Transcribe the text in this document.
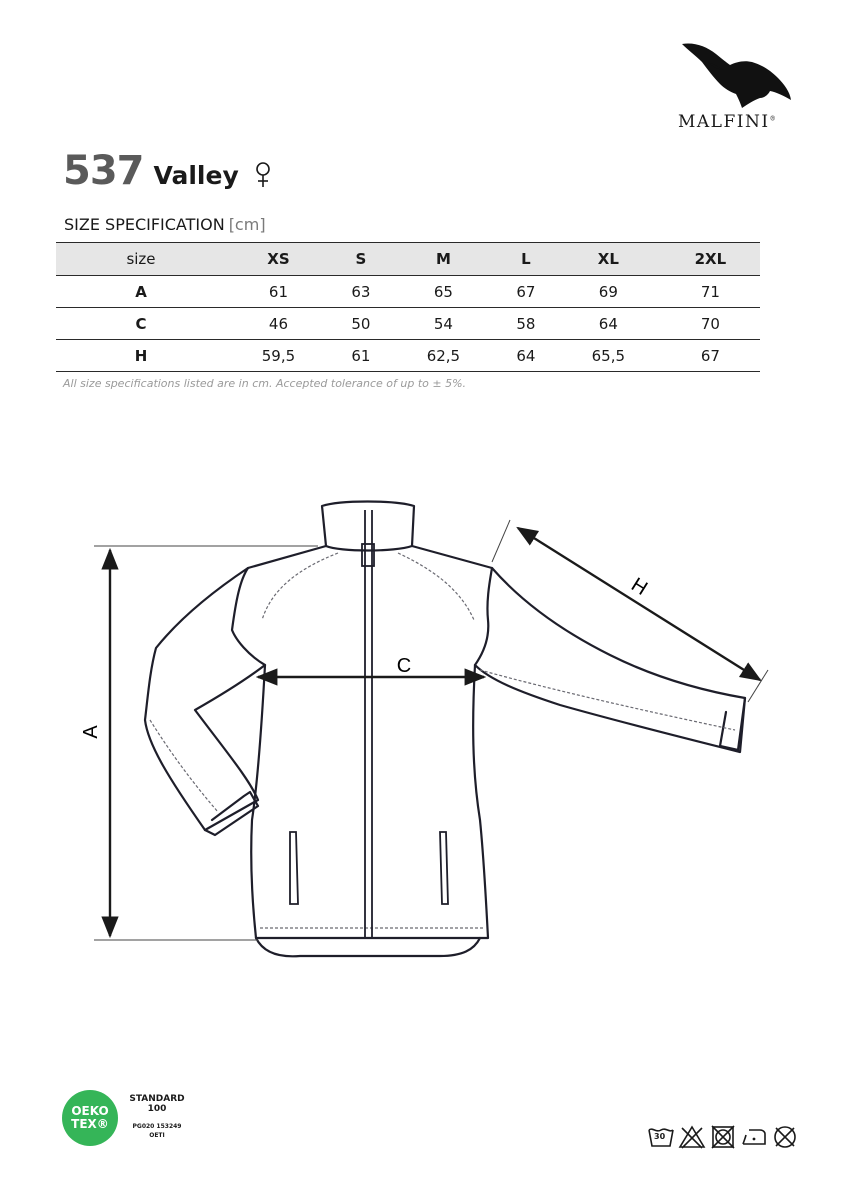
MALFINI®
537 Valley
SIZE SPECIFICATION [cm]
size	XS	S	M	L	XL	2XL
A	61	63	65	67	69	71
C	46	50	54	58	64	70
H	59,5	61	62,5	64	65,5	67
All size specifications listed are in cm. Accepted tolerance of up to ± 5%.
A
C
H
OEKO
TEX®
STANDARD
100
PG020 153249
OETI	30
